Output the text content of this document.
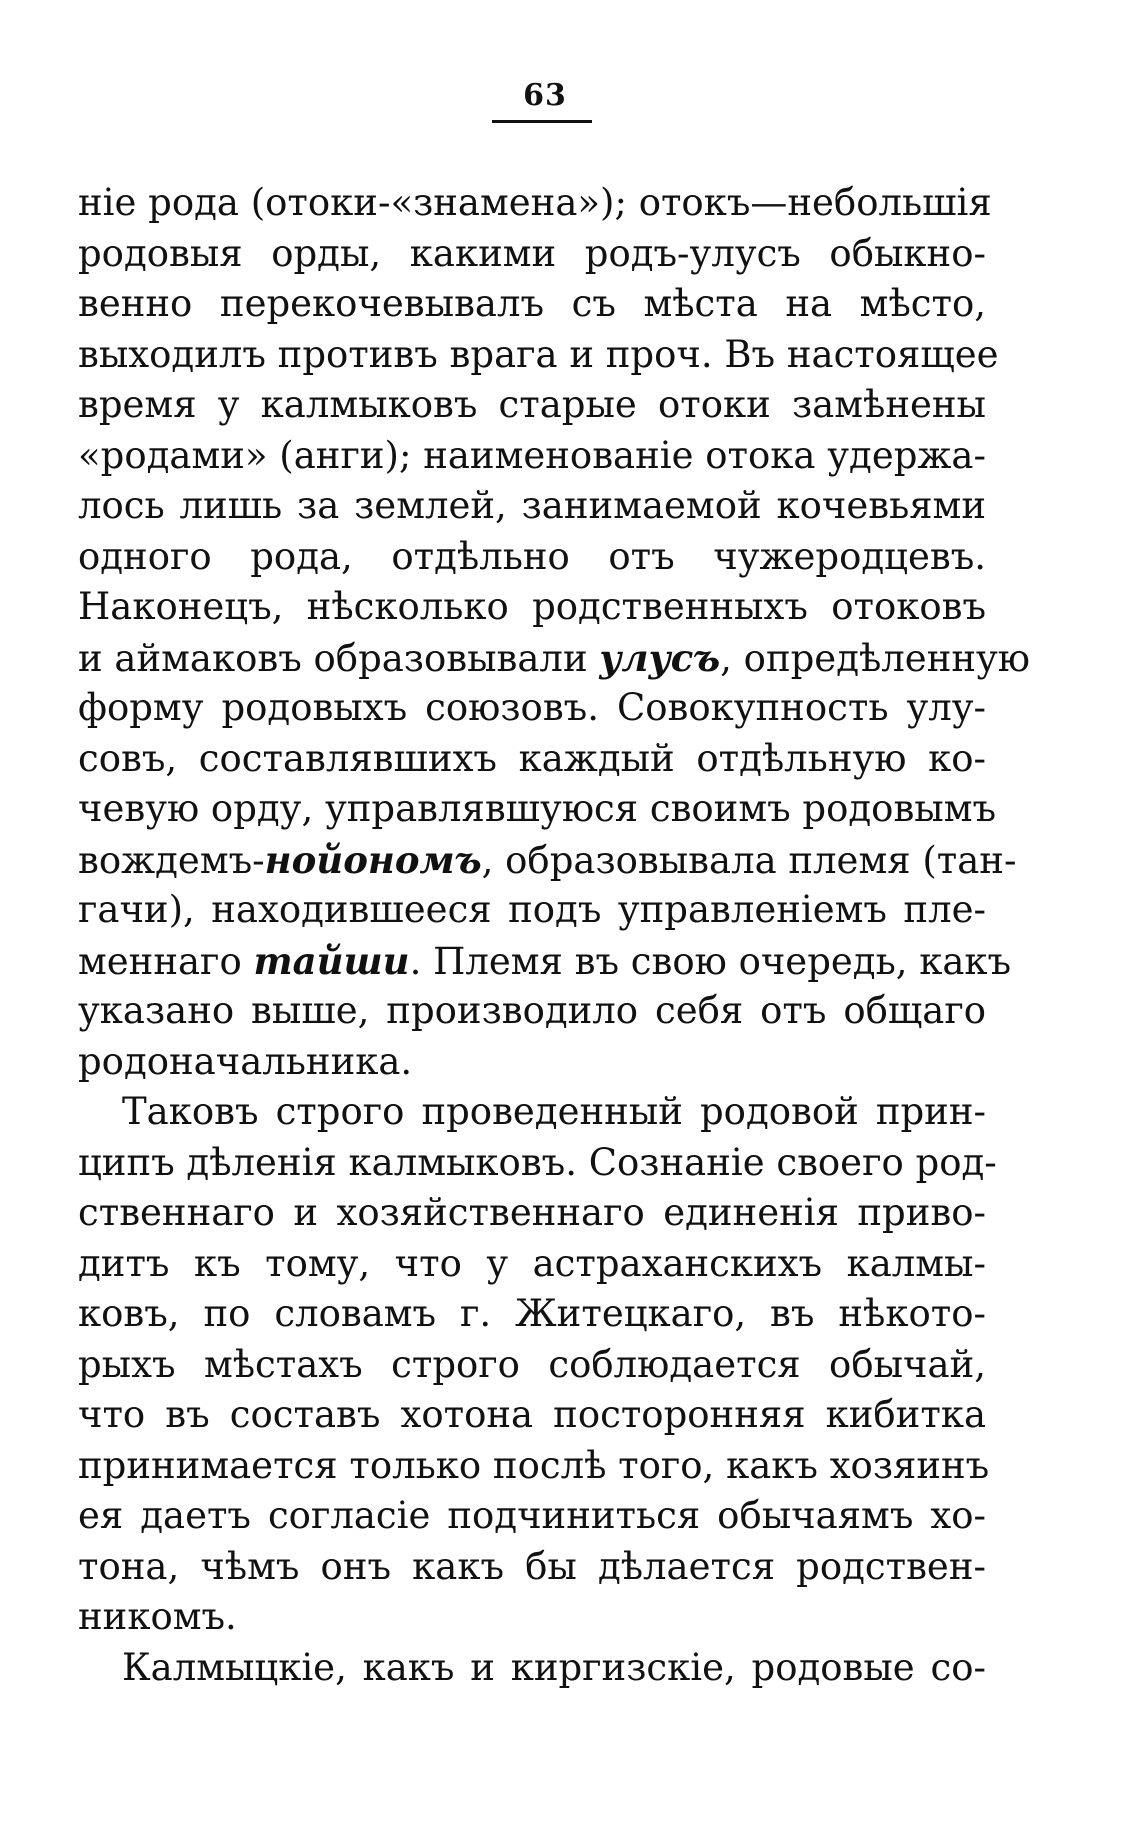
63
ніе рода (отоки-«знамена»); отокъ—небольшія
родовыя орды, какими родъ-улусъ обыкно-
венно перекочевывалъ съ мѣста на мѣсто,
выходилъ противъ врага и проч. Въ настоящее
время у калмыковъ старые отоки замѣнены
«родами» (анги); наименованіе отока удержа-
лось лишь за землей, занимаемой кочевьями
одного рода, отдѣльно отъ чужеродцевъ.
Наконецъ, нѣсколько родственныхъ отоковъ
и аймаковъ образовывали улусъ, опредѣленную
форму родовыхъ союзовъ. Совокупность улу-
совъ, составлявшихъ каждый отдѣльную ко-
чевую орду, управлявшуюся своимъ родовымъ
вождемъ-нойономъ, образовывала племя (тан-
гачи), находившееся подъ управленіемъ пле-
меннаго тайши. Племя въ свою очередь, какъ
указано выше, производило себя отъ общаго
родоначальника.
Таковъ строго проведенный родовой прин-
ципъ дѣленія калмыковъ. Сознаніе своего род-
ственнаго и хозяйственнаго единенія приво-
дитъ къ тому, что у астраханскихъ калмы-
ковъ, по словамъ г. Житецкаго, въ нѣкото-
рыхъ мѣстахъ строго соблюдается обычай,
что въ составъ хотона посторонняя кибитка
принимается только послѣ того, какъ хозяинъ
ея даетъ согласіе подчиниться обычаямъ хо-
тона, чѣмъ онъ какъ бы дѣлается родствен-
никомъ.
Калмыцкіе, какъ и киргизскіе, родовые со-
